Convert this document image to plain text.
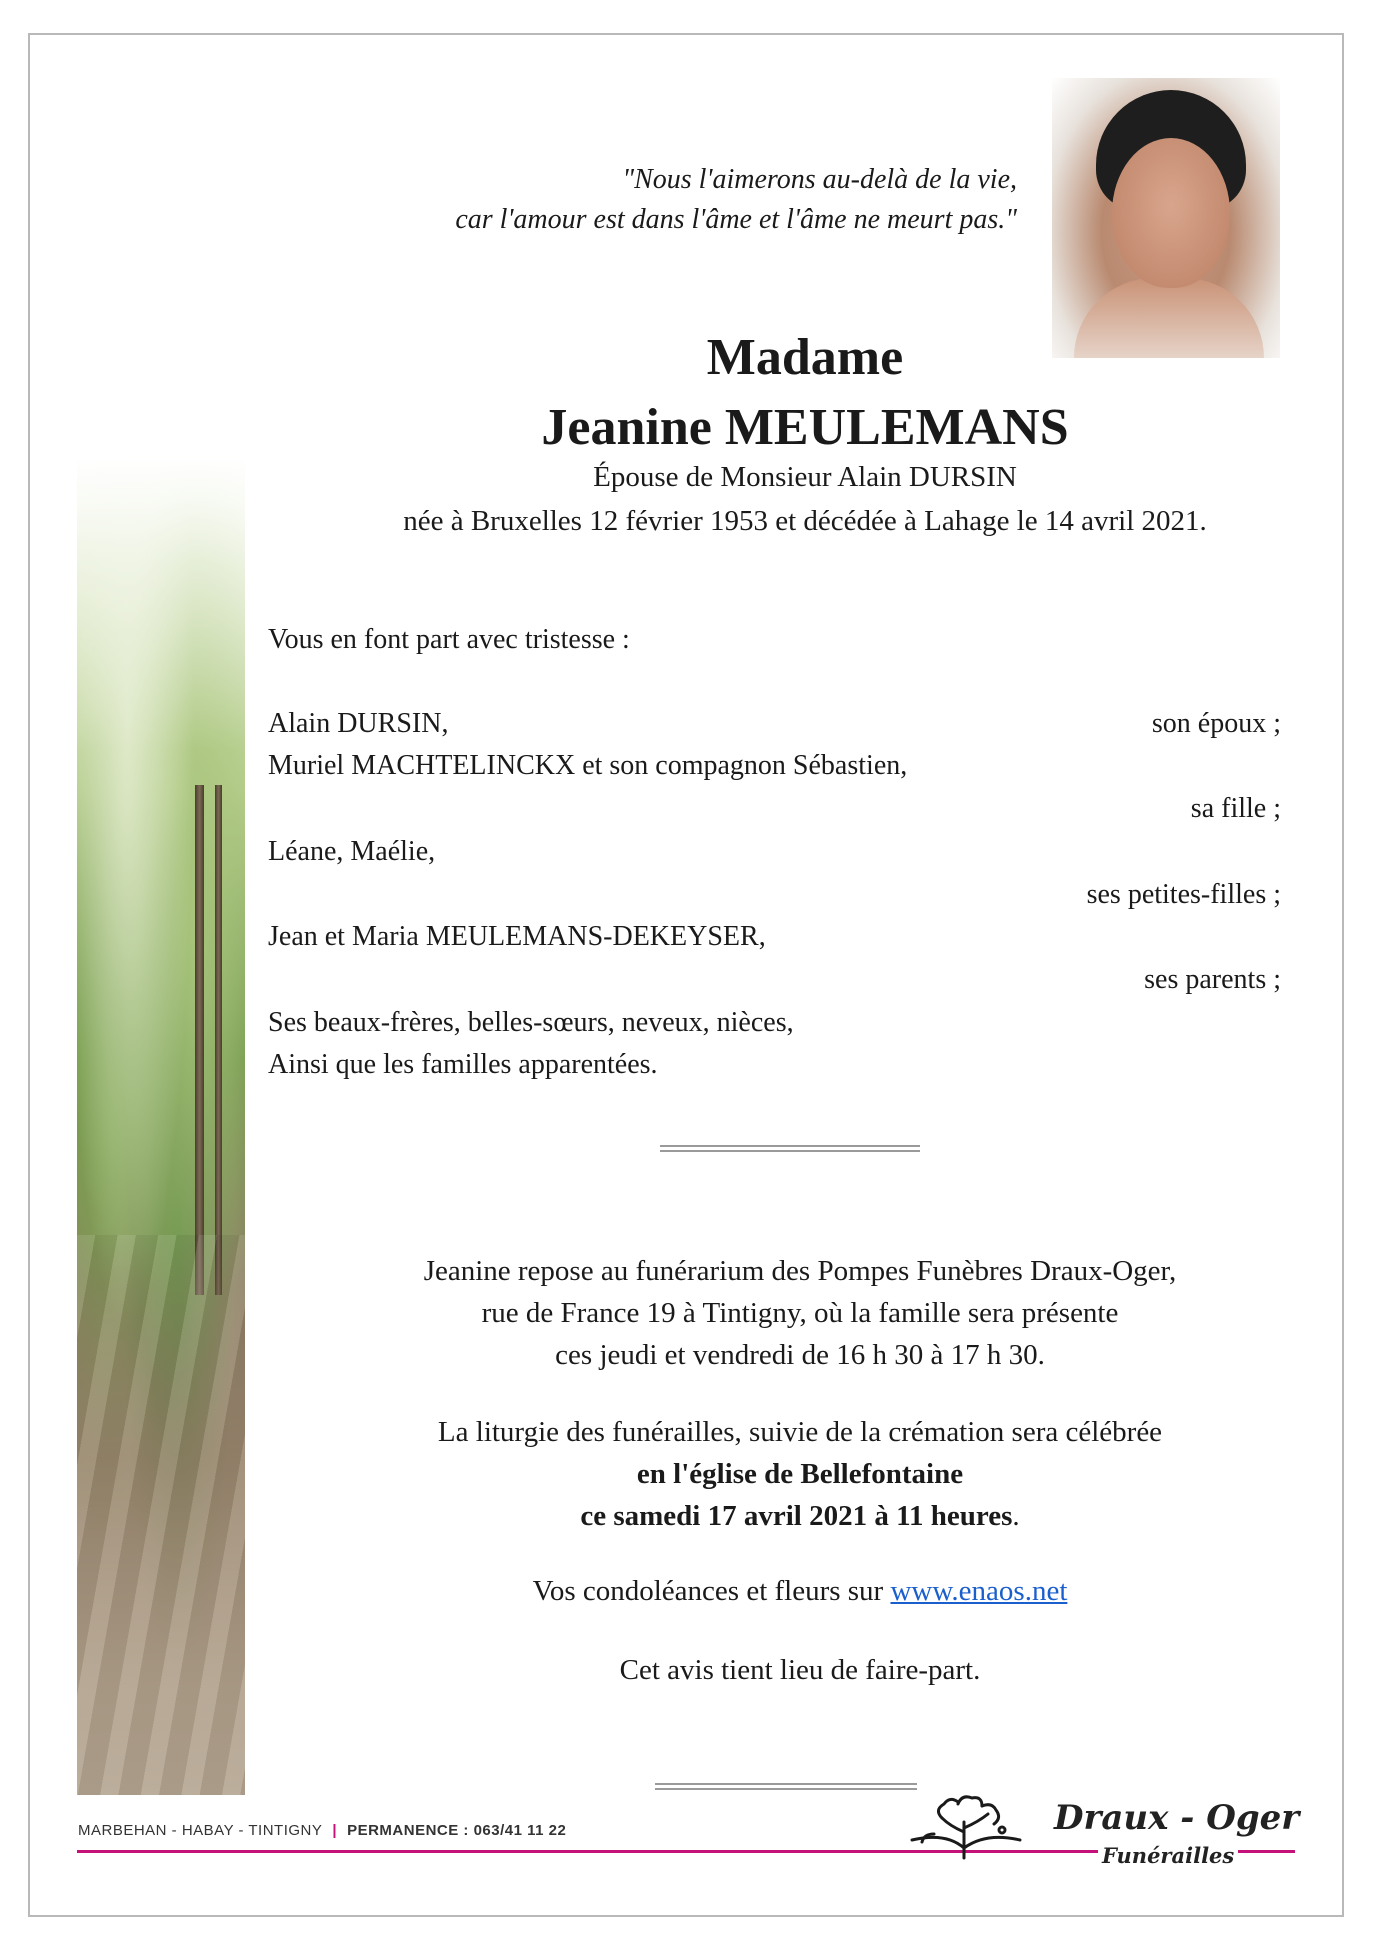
"Nous l'aimerons au-delà de la vie,
car l'amour est dans l'âme et l'âme ne meurt pas."
Madame
Jeanine MEULEMANS
Épouse de Monsieur Alain DURSIN
née à Bruxelles 12 février 1953 et décédée à Lahage le 14 avril 2021.
Vous en font part avec tristesse :
Alain DURSIN,	son époux ;
Muriel MACHTELINCKX et son compagnon Sébastien,
sa fille ;
Léane, Maélie,
ses petites-filles ;
Jean et Maria MEULEMANS-DEKEYSER,
ses parents ;
Ses beaux-frères, belles-sœurs, neveux, nièces,
Ainsi que les familles apparentées.
Jeanine repose au funérarium des Pompes Funèbres Draux-Oger,
rue de France 19 à Tintigny, où la famille sera présente
ces jeudi et vendredi de 16 h 30 à 17 h 30.
La liturgie des funérailles, suivie de la crémation sera célébrée
en l'église de Bellefontaine
ce samedi 17 avril 2021 à 11 heures.
Vos condoléances et fleurs sur www.enaos.net
Cet avis tient lieu de faire-part.
MARBEHAN - HABAY - TINTIGNY | PERMANENCE : 063/41 11 22	Draux - Oger
Funérailles
